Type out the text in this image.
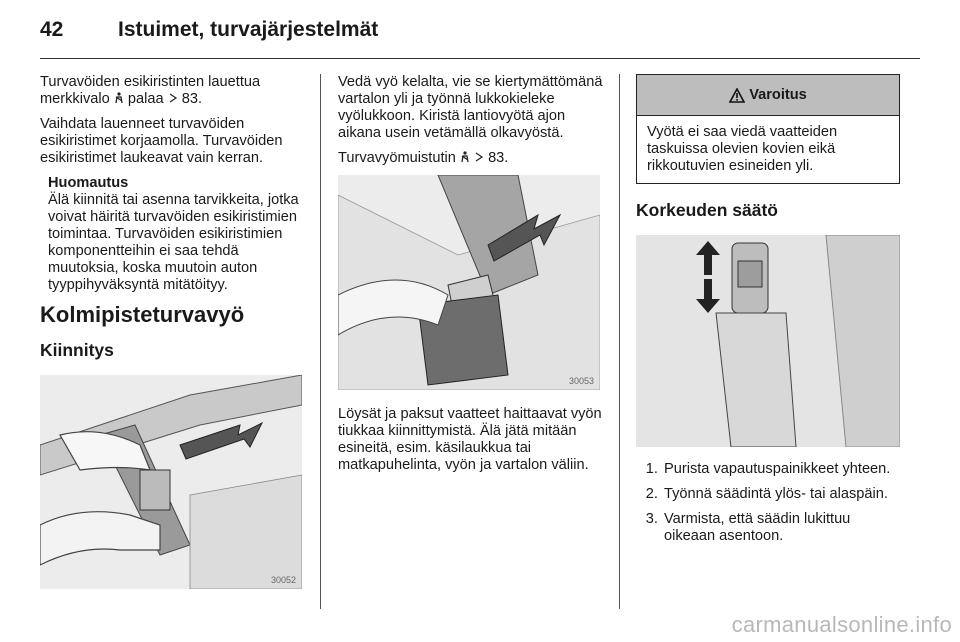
42	Istuimet, turvajärjestelmät

Turvavöiden esikiristinten lauettua merkkivalo palaa 83.

Vaihdata lauenneet turvavöiden esikiristimet korjaamolla. Turvavöiden esikiristimet laukeavat vain kerran.

Huomautus

Älä kiinnitä tai asenna tarvikkeita, jotka voivat häiritä turvavöiden esikiristimien toimintaa. Turvavöiden esikiristimien komponentteihin ei saa tehdä muutoksia, koska muutoin auton tyyppihyväksyntä mitätöityy.

Kolmipisteturvavyö
Kiinnitys
30052

Vedä vyö kelalta, vie se kiertymättömänä vartalon yli ja työnnä lukkokieleke vyölukkoon. Kiristä lantiovyötä ajon aikana usein vetämällä olkavyöstä.

Turvavyömuistutin 83.

30053

Löysät ja paksut vaatteet haittaavat vyön tiukkaa kiinnittymistä. Älä jätä mitään esineitä, esim. käsilaukkua tai matkapuhelinta, vyön ja vartalon väliin.

Varoitus
Vyötä ei saa viedä vaatteiden taskuissa olevien kovien eikä rikkoutuvien esineiden yli.
Korkeuden säätö
1. Purista vapautuspainikkeet yhteen.
2. Työnnä säädintä ylös- tai alaspäin.
3. Varmista, että säädin lukittuu oikeaan asentoon.
carmanualsonline.info
